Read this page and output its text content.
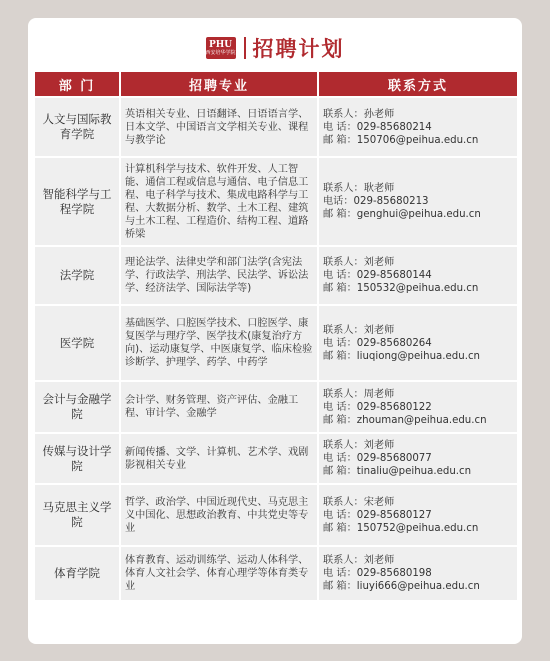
PHU
西安培华学院 招聘计划
部 门	招聘专业	联系方式
人文与国际教育学院	英语相关专业、日语翻译、日语语言学、日本文学、中国语言文学相关专业、课程与教学论	联系人：孙老师
电 话：029-85680214
邮 箱：150706@peihua.edu.cn

智能科学与工程学院	计算机科学与技术、软件开发、人工智能、通信工程或信息与通信、电子信息工程、电子科学与技术、集成电路科学与工程、大数据分析、数学、土木工程、建筑与土木工程、工程造价、结构工程、道路桥梁	联系人：耿老师
电话：029-85680213
邮 箱：genghui@peihua.edu.cn

法学院	理论法学、法律史学和部门法学(含宪法学、行政法学、刑法学、民法学、诉讼法学、经济法学、国际法学等)	联系人：刘老师
电 话：029-85680144
邮 箱：150532@peihua.edu.cn

医学院	基础医学、口腔医学技术、口腔医学、康复医学与理疗学、医学技术(康复治疗方向)、运动康复学、中医康复学、临床检验诊断学、护理学、药学、中药学	联系人：刘老师
电 话：029-85680264
邮 箱：liuqiong@peihua.edu.cn

会计与金融学院	会计学、财务管理、资产评估、金融工程、审计学、金融学	联系人：周老师
电 话：029-85680122
邮 箱：zhouman@peihua.edu.cn

传媒与设计学院	新闻传播、文学、计算机、艺术学、戏剧影视相关专业	联系人：刘老师
电 话：029-85680077
邮 箱：tinaliu@peihua.edu.cn

马克思主义学院	哲学、政治学、中国近现代史、马克思主义中国化、思想政治教育、中共党史等专业	联系人：宋老师
电 话：029-85680127
邮 箱：150752@peihua.edu.cn

体育学院	体育教育、运动训练学、运动人体科学、体育人文社会学、体育心理学等体育类专业	联系人：刘老师
电 话：029-85680198
邮 箱：liuyi666@peihua.edu.cn
